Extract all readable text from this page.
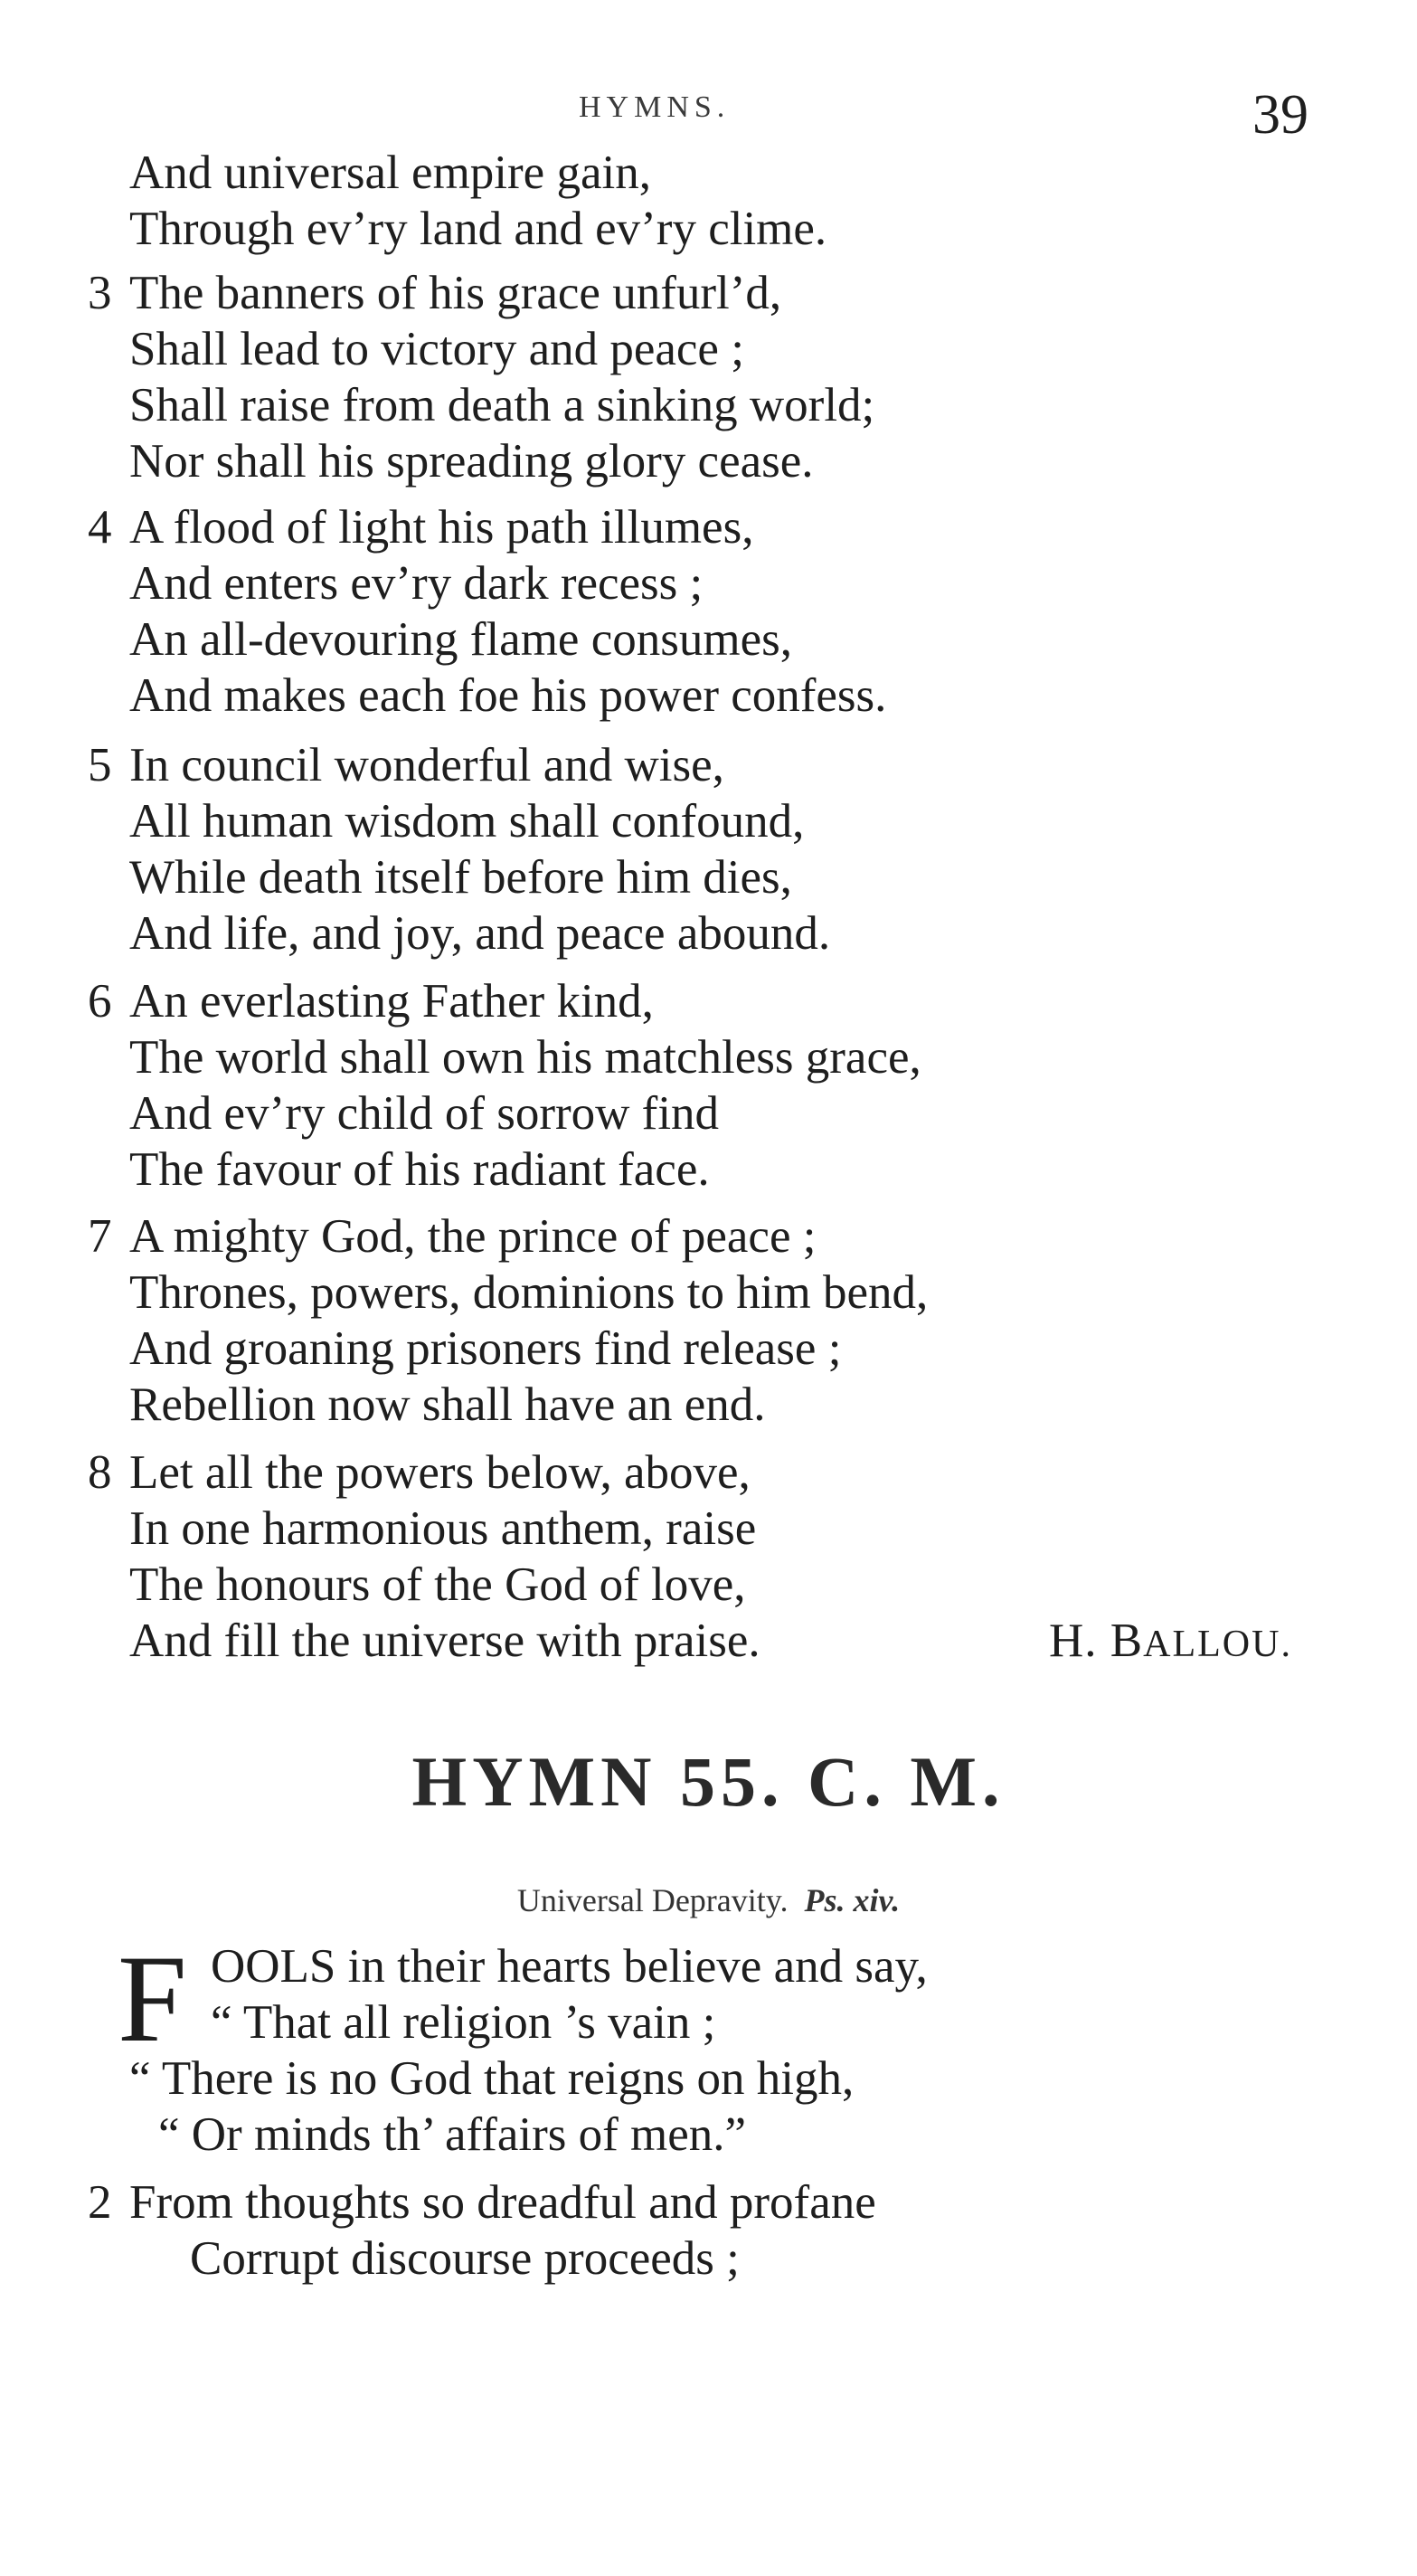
HYMNS.	39
And universal empire gain,
Through ev’ry land and ev’ry clime.
3 The banners of his grace unfurl’d,
Shall lead to victory and peace ;
Shall raise from death a sinking world;
Nor shall his spreading glory cease.
4 A flood of light his path illumes,
And enters ev’ry dark recess ;
An all-devouring flame consumes,
And makes each foe his power confess.
5 In council wonderful and wise,
All human wisdom shall confound,
While death itself before him dies,
And life, and joy, and peace abound.
6 An everlasting Father kind,
The world shall own his matchless grace,
And ev’ry child of sorrow find
The favour of his radiant face.
7 A mighty God, the prince of peace ;
Thrones, powers, dominions to him bend,
And groaning prisoners find release ;
Rebellion now shall have an end.
8 Let all the powers below, above,
In one harmonious anthem, raise
The honours of the God of love,
And fill the universe with praise.	H. BALLOU.
HYMN 55. C. M.
Universal Depravity. Ps. xiv.
F OOLS in their hearts believe and say,
“ That all religion ’s vain ;
“ There is no God that reigns on high,
“ Or minds th’ affairs of men.”
2 From thoughts so dreadful and profane
Corrupt discourse proceeds ;
